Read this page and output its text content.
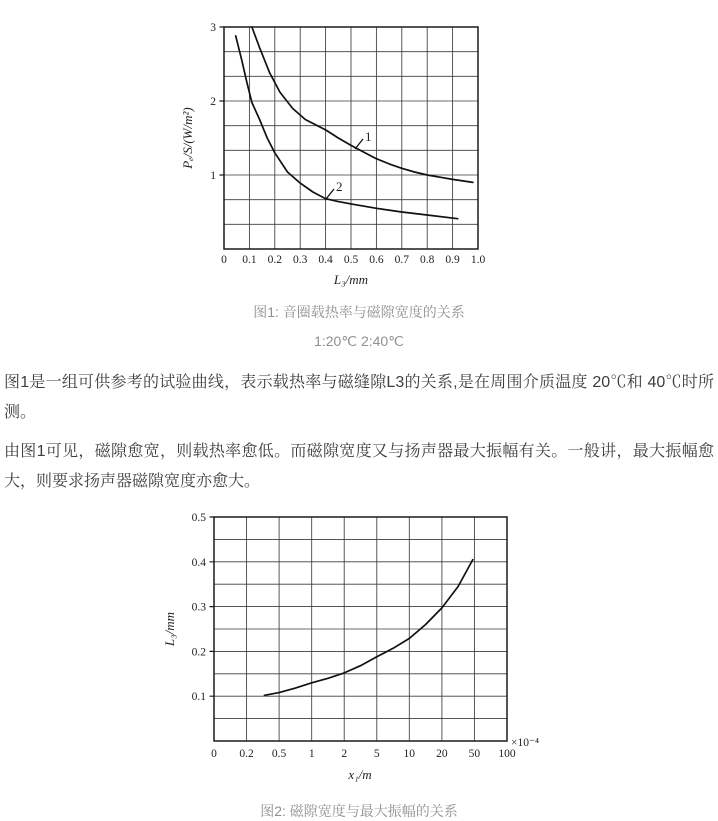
1
2
3
2
1
0 0.1 0.2 0.3 0.4 0.5 0.6 0.7 0.8 0.9 1.0
Pₑ/S/(W/m²)
L₃/mm
图1: 音圈载热率与磁隙宽度的关系
1:20℃ 2:40℃

图1是一组可供参考的试验曲线，表示载热率与磁缝隙L3的关系,是在周围介质温度 20℃和 40℃时所测。

由图1可见，磁隙愈宽，则载热率愈低。而磁隙宽度又与扬声器最大振幅有关。一般讲，最大振幅愈大，则要求扬声器磁隙宽度亦愈大。

0.5
0.4
0.3
0.2
0.1
0 0.2 0.5 1 2 5 10 20 50 100
×10⁻⁴
L₃/mm
x₁/m
图2: 磁隙宽度与最大振幅的关系
